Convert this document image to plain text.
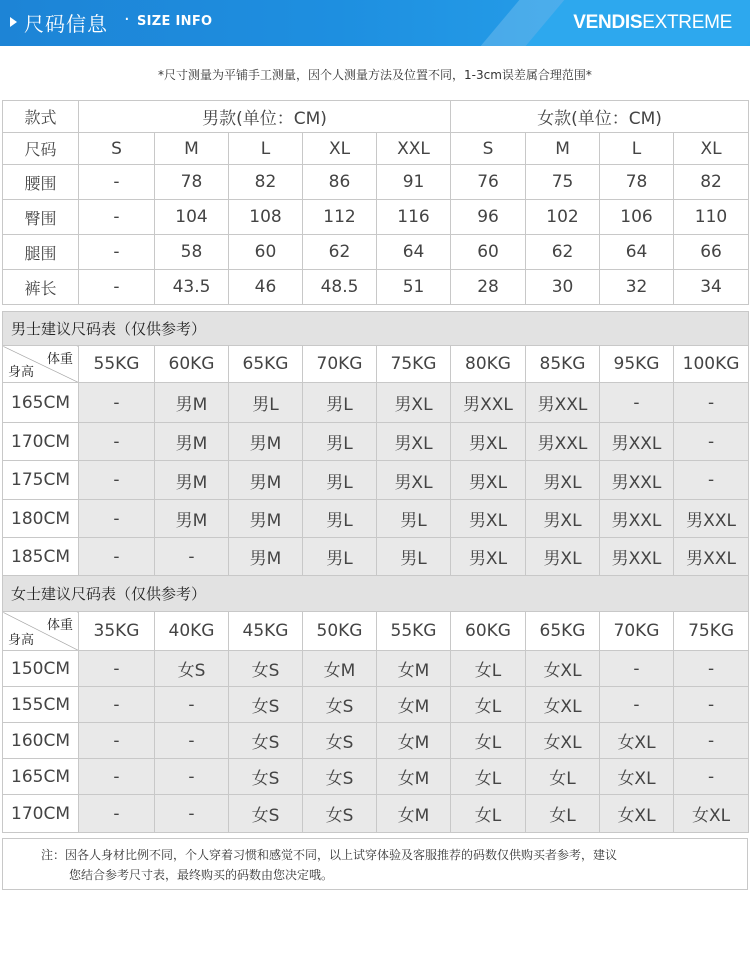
尺码信息 · SIZE INFO	VENDISEXTREME
*尺寸测量为平铺手工测量，因个人测量方法及位置不同，1-3cm误差属合理范围*
款式	男款(单位：CM)					女款(单位：CM)			
尺码	S	M	L	XL	XXL	S	M	L	XL
腰围	-	78	82	86	91	76	75	78	82
臀围	-	104	108	112	116	96	102	106	110
腿围	-	58	60	62	64	60	62	64	66
裤长	-	43.5	46	48.5	51	28	30	32	34
男士建议尺码表（仅供参考）									

体重
身高	55KG	60KG	65KG	70KG	75KG	80KG	85KG	95KG	100KG
165CM	-	男M	男L	男L	男XL	男XXL	男XXL	-	-
170CM	-	男M	男M	男L	男XL	男XL	男XXL	男XXL	-
175CM	-	男M	男M	男L	男XL	男XL	男XL	男XXL	-
180CM	-	男M	男M	男L	男L	男XL	男XL	男XXL	男XXL
185CM	-	-	男M	男L	男L	男XL	男XL	男XXL	男XXL
女士建议尺码表（仅供参考）									

体重
身高	35KG	40KG	45KG	50KG	55KG	60KG	65KG	70KG	75KG
150CM	-	女S	女S	女M	女M	女L	女XL	-	-
155CM	-	-	女S	女S	女M	女L	女XL	-	-
160CM	-	-	女S	女S	女M	女L	女XL	女XL	-
165CM	-	-	女S	女S	女M	女L	女L	女XL	-
170CM	-	-	女S	女S	女M	女L	女L	女XL	女XL
注：因各人身材比例不同，个人穿着习惯和感觉不同，以上试穿体验及客服推荐的码数仅供购买者参考，建议
您结合参考尺寸表，最终购买的码数由您决定哦。
